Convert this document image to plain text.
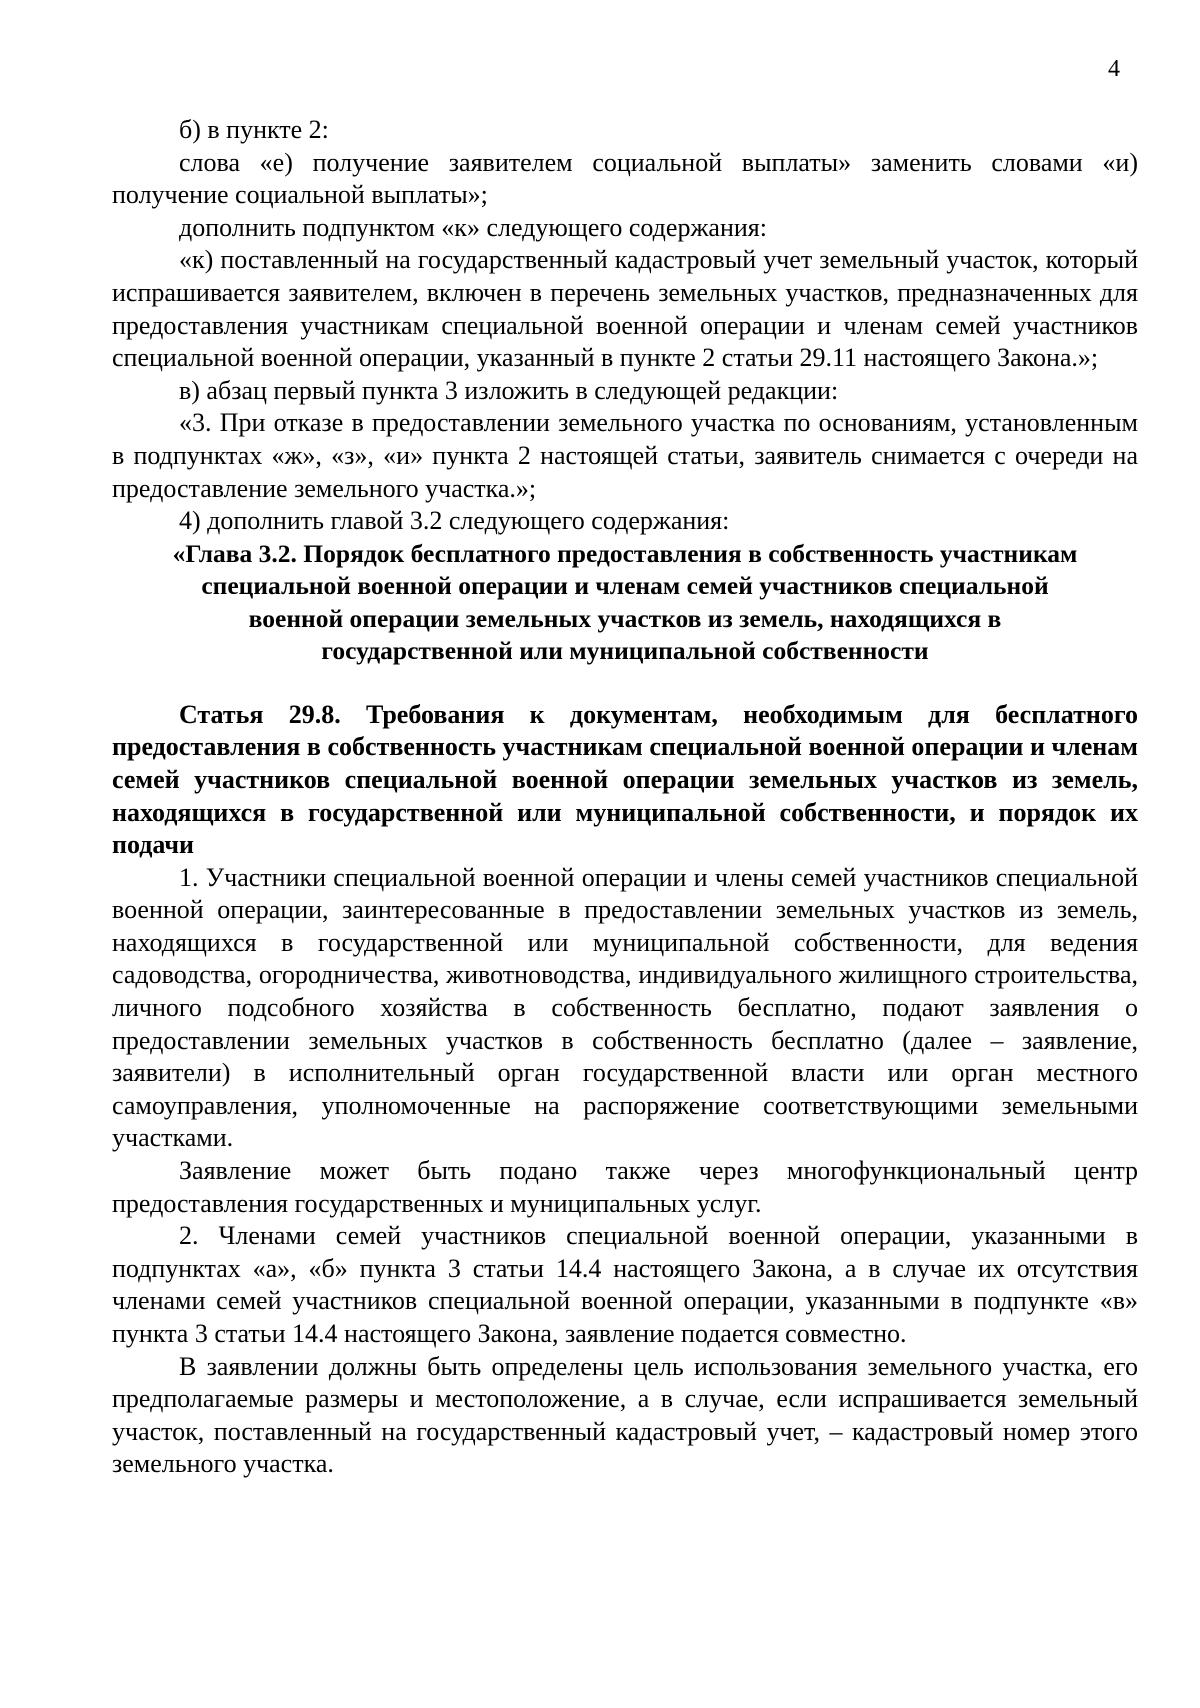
4

б) в пункте 2:

слова «е) получение заявителем социальной выплаты» заменить словами «и) получение социальной выплаты»;

дополнить подпунктом «к» следующего содержания:

«к) поставленный на государственный кадастровый учет земельный участок, который испрашивается заявителем, включен в перечень земельных участков, предназначенных для предоставления участникам специальной военной операции и членам семей участников специальной военной операции, указанный в пункте 2 статьи 29.11 настоящего Закона.»;

в) абзац первый пункта 3 изложить в следующей редакции:

«3. При отказе в предоставлении земельного участка по основаниям, установленным в подпунктах «ж», «з», «и» пункта 2 настоящей статьи, заявитель снимается с очереди на предоставление земельного участка.»;

4) дополнить главой 3.2 следующего содержания:

«Глава 3.2. Порядок бесплатного предоставления в собственность участникам специальной военной операции и членам семей участников специальной военной операции земельных участков из земель, находящихся в государственной или муниципальной собственности

Статья 29.8. Требования к документам, необходимым для бесплатного предоставления в собственность участникам специальной военной операции и членам семей участников специальной военной операции земельных участков из земель, находящихся в государственной или муниципальной собственности, и порядок их подачи

1. Участники специальной военной операции и члены семей участников специальной военной операции, заинтересованные в предоставлении земельных участков из земель, находящихся в государственной или муниципальной собственности, для ведения садоводства, огородничества, животноводства, индивидуального жилищного строительства, личного подсобного хозяйства в собственность бесплатно, подают заявления о предоставлении земельных участков в собственность бесплатно (далее – заявление, заявители) в исполнительный орган государственной власти или орган местного самоуправления, уполномоченные на распоряжение соответствующими земельными участками.

Заявление может быть подано также через многофункциональный центр предоставления государственных и муниципальных услуг.

2. Членами семей участников специальной военной операции, указанными в подпунктах «а», «б» пункта 3 статьи 14.4 настоящего Закона, а в случае их отсутствия членами семей участников специальной военной операции, указанными в подпункте «в» пункта 3 статьи 14.4 настоящего Закона, заявление подается совместно.

В заявлении должны быть определены цель использования земельного участка, его предполагаемые размеры и местоположение, а в случае, если испрашивается земельный участок, поставленный на государственный кадастровый учет, – кадастровый номер этого земельного участка.
